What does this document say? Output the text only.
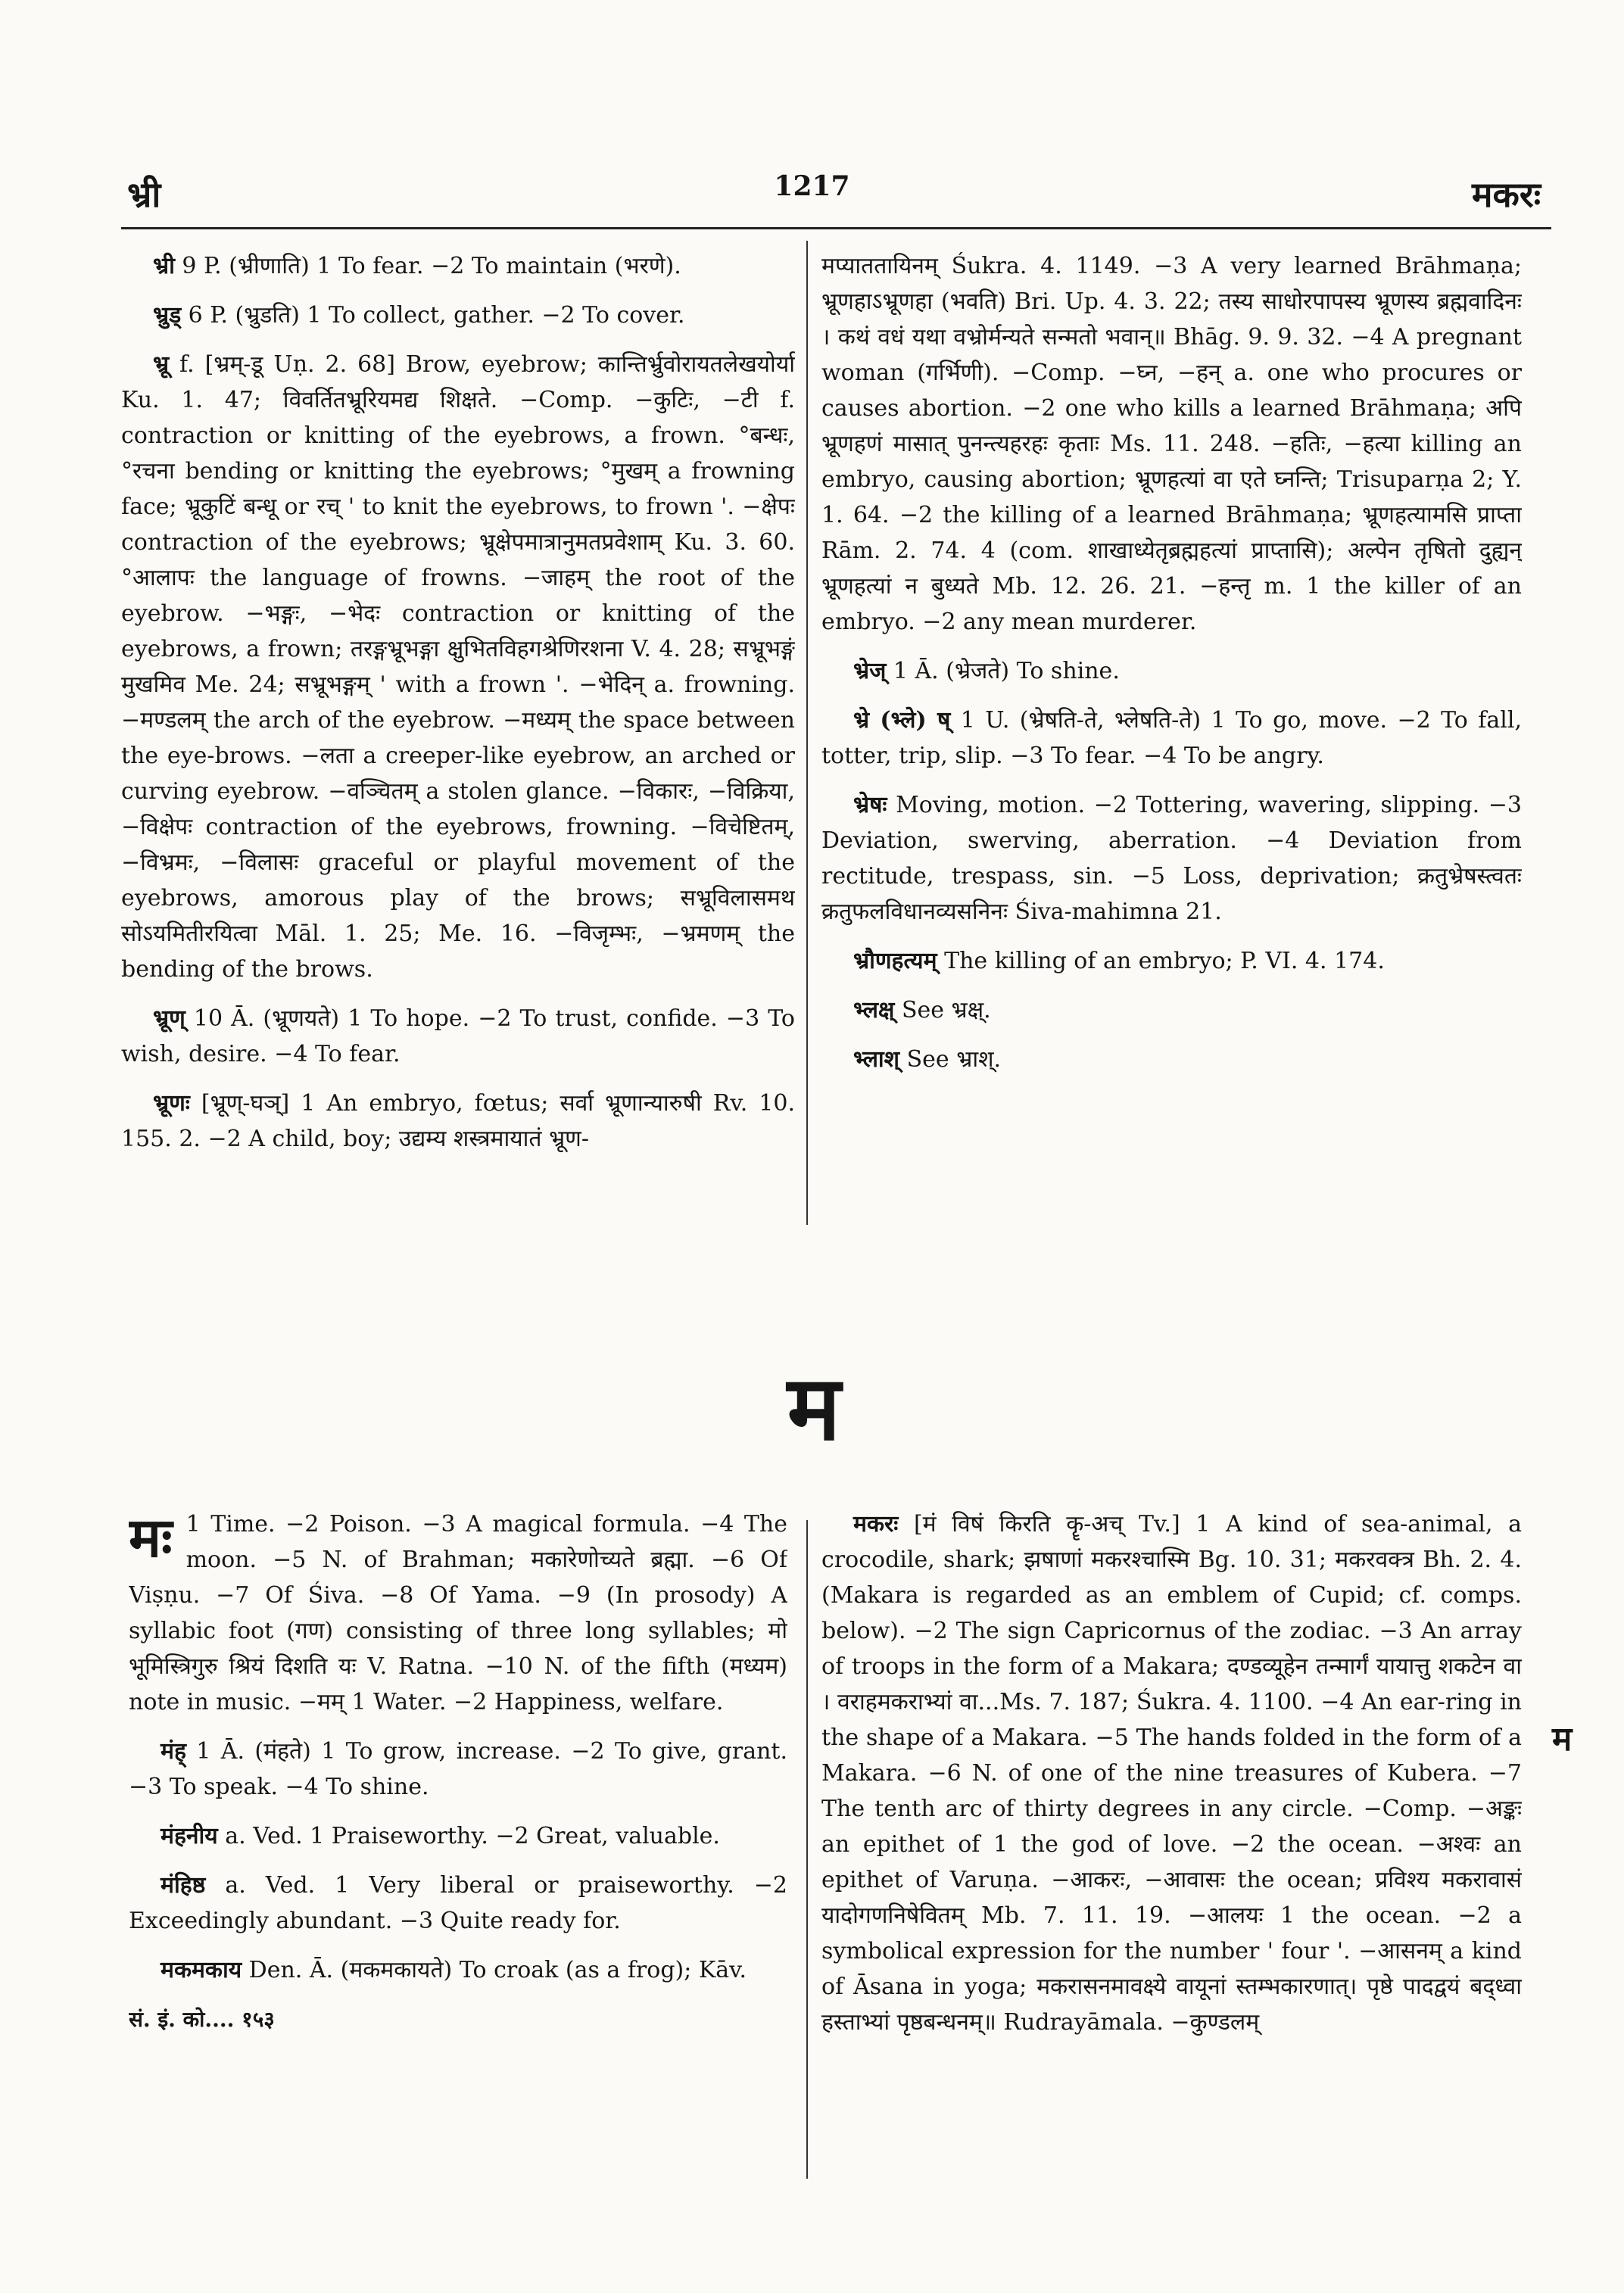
भ्री	1217	मकरः

भ्री 9 P. (भ्रीणाति) 1 To fear. −2 To maintain (भरणे).

भ्रुड् 6 P. (भ्रुडति) 1 To collect, gather. −2 To cover.

भ्रू f. [भ्रम्-डू Uṇ. 2. 68] Brow, eyebrow; कान्तिर्भ्रुवोरायतलेखयोर्या Ku. 1. 47; विवर्तितभ्रूरियमद्य शिक्षते. −Comp. −कुटिः, −टी f. contraction or knitting of the eyebrows, a frown. °बन्धः, °रचना bending or knitting the eyebrows; °मुखम् a frowning face; भ्रूकुटिं बन्धू or रच् ' to knit the eyebrows, to frown '. −क्षेपः contraction of the eyebrows; भ्रूक्षेपमात्रानुमतप्रवेशाम् Ku. 3. 60. °आलापः the language of frowns. −जाहम् the root of the eyebrow. −भङ्गः, −भेदः contraction or knitting of the eyebrows, a frown; तरङ्गभ्रूभङ्गा क्षुभितविहगश्रेणिरशना V. 4. 28; सभ्रूभङ्गं मुखमिव Me. 24; सभ्रूभङ्गम् ' with a frown '. −भेदिन् a. frowning. −मण्डलम् the arch of the eyebrow. −मध्यम् the space between the eye-brows. −लता a creeper-like eyebrow, an arched or curving eyebrow. −वञ्चितम् a stolen glance. −विकारः, −विक्रिया, −विक्षेपः contraction of the eyebrows, frowning. −विचेष्टितम्, −विभ्रमः, −विलासः graceful or playful movement of the eyebrows, amorous play of the brows; सभ्रूविलासमथ सोऽयमितीरयित्वा Māl. 1. 25; Me. 16. −विजृम्भः, −भ्रमणम् the bending of the brows.

भ्रूण् 10 Ā. (भ्रूणयते) 1 To hope. −2 To trust, confide. −3 To wish, desire. −4 To fear.

भ्रूणः [भ्रूण्-घञ्] 1 An embryo, fœtus; सर्वा भ्रूणान्यारुषी Rv. 10. 155. 2. −2 A child, boy; उद्यम्य शस्त्रमायातं भ्रूण-

मप्याततायिनम् Śukra. 4. 1149. −3 A very learned Brāhmaṇa; भ्रूणहाऽभ्रूणहा (भवति) Bri. Up. 4. 3. 22; तस्य साधोरपापस्य भ्रूणस्य ब्रह्मवादिनः । कथं वधं यथा वभ्रोर्मन्यते सन्मतो भवान्॥ Bhāg. 9. 9. 32. −4 A pregnant woman (गर्भिणी). −Comp. −घ्न, −हन् a. one who procures or causes abortion. −2 one who kills a learned Brāhmaṇa; अपि भ्रूणहणं मासात् पुनन्त्यहरहः कृताः Ms. 11. 248. −हतिः, −हत्या killing an embryo, causing abortion; भ्रूणहत्यां वा एते घ्नन्ति; Trisuparṇa 2; Y. 1. 64. −2 the killing of a learned Brāhmaṇa; भ्रूणहत्यामसि प्राप्ता Rām. 2. 74. 4 (com. शाखाध्येतृब्रह्महत्यां प्राप्तासि); अल्पेन तृषितो दुह्यन् भ्रूणहत्यां न बुध्यते Mb. 12. 26. 21. −हन्तृ m. 1 the killer of an embryo. −2 any mean murderer.

भ्रेज् 1 Ā. (भ्रेजते) To shine.

भ्रे (भ्ले) ष् 1 U. (भ्रेषति-ते, भ्लेषति-ते) 1 To go, move. −2 To fall, totter, trip, slip. −3 To fear. −4 To be angry.

भ्रेषः Moving, motion. −2 Tottering, wavering, slipping. −3 Deviation, swerving, aberration. −4 Deviation from rectitude, trespass, sin. −5 Loss, deprivation; क्रतुभ्रेषस्त्वतः क्रतुफलविधानव्यसनिनः Śiva-mahimna 21.

भ्रौणहत्यम् The killing of an embryo; P. VI. 4. 174.

भ्लक्ष् See भ्रक्ष्.

भ्लाश् See भ्राश्.

म

मः 1 Time. −2 Poison. −3 A magical formula. −4 The moon. −5 N. of Brahman; मकारेणोच्यते ब्रह्मा. −6 Of Viṣṇu. −7 Of Śiva. −8 Of Yama. −9 (In prosody) A syllabic foot (गण) consisting of three long syllables; मो भूमिस्त्रिगुरु श्रियं दिशति यः V. Ratna. −10 N. of the fifth (मध्यम) note in music. −मम् 1 Water. −2 Happiness, welfare.

मंह् 1 Ā. (मंहते) 1 To grow, increase. −2 To give, grant. −3 To speak. −4 To shine.

मंहनीय a. Ved. 1 Praiseworthy. −2 Great, valuable.

मंहिष्ठ a. Ved. 1 Very liberal or praiseworthy. −2 Exceedingly abundant. −3 Quite ready for.

मकमकाय Den. Ā. (मकमकायते) To croak (as a frog); Kāv.

सं. इं. को.... १५३

मकरः [मं विषं किरति कॄ-अच् Tv.] 1 A kind of sea-animal, a crocodile, shark; झषाणां मकरश्चास्मि Bg. 10. 31; मकरवक्त्र Bh. 2. 4. (Makara is regarded as an emblem of Cupid; cf. comps. below). −2 The sign Capricornus of the zodiac. −3 An array of troops in the form of a Makara; दण्डव्यूहेन तन्मार्गं यायात्तु शकटेन वा । वराहमकराभ्यां वा...Ms. 7. 187; Śukra. 4. 1100. −4 An ear-ring in the shape of a Makara. −5 The hands folded in the form of a Makara. −6 N. of one of the nine treasures of Kubera. −7 The tenth arc of thirty degrees in any circle. −Comp. −अङ्कः an epithet of 1 the god of love. −2 the ocean. −अश्वः an epithet of Varuṇa. −आकरः, −आवासः the ocean; प्रविश्य मकरावासं यादोगणनिषेवितम् Mb. 7. 11. 19. −आलयः 1 the ocean. −2 a symbolical expression for the number ' four '. −आसनम् a kind of Āsana in yoga; मकरासनमावक्ष्ये वायूनां स्तम्भकारणात्। पृष्ठे पादद्वयं बद्ध्वा हस्ताभ्यां पृष्ठबन्धनम्॥ Rudrayāmala. −कुण्डलम्

म
